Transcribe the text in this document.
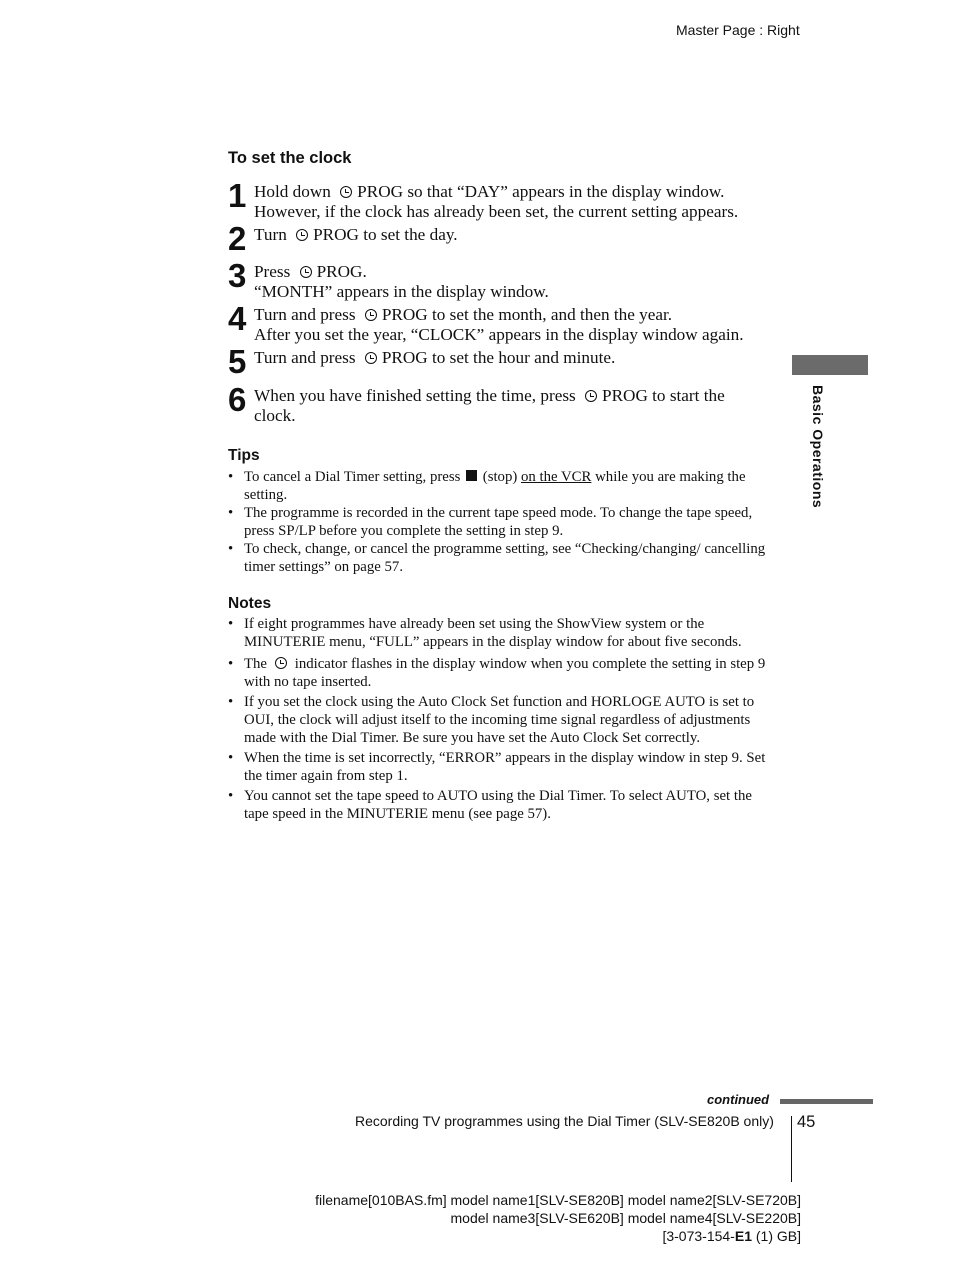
Master Page : Right
To set the clock
1 Hold down PROG so that “DAY” appears in the display window.
However, if the clock has already been set, the current setting appears.
2 Turn PROG to set the day.
3 Press PROG.
“MONTH” appears in the display window.
4 Turn and press PROG to set the month, and then the year.
After you set the year, “CLOCK” appears in the display window again.
5 Turn and press PROG to set the hour and minute.
6 When you have finished setting the time, press PROG to start the clock.
Tips
• To cancel a Dial Timer setting, press  (stop) on the VCR while you are making the setting.
• The programme is recorded in the current tape speed mode. To change the tape speed, press SP/LP before you complete the setting in step 9.
• To check, change, or cancel the programme setting, see “Checking/changing/ cancelling timer settings” on page 57.
Notes
• If eight programmes have already been set using the ShowView system or the MINUTERIE menu, “FULL” appears in the display window for about five seconds.
• The indicator flashes in the display window when you complete the setting in step 9 with no tape inserted.
• If you set the clock using the Auto Clock Set function and HORLOGE AUTO is set to OUI, the clock will adjust itself to the incoming time signal regardless of adjustments made with the Dial Timer. Be sure you have set the Auto Clock Set correctly.
• When the time is set incorrectly, “ERROR” appears in the display window in step 9. Set the timer again from step 1.
• You cannot set the tape speed to AUTO using the Dial Timer. To select AUTO, set the tape speed in the MINUTERIE menu (see page 57).
Basic Operations
continued
Recording TV programmes using the Dial Timer (SLV-SE820B only) 45
filename[010BAS.fm] model name1[SLV-SE820B] model name2[SLV-SE720B]
model name3[SLV-SE620B] model name4[SLV-SE220B]
[3-073-154-E1 (1) GB]
